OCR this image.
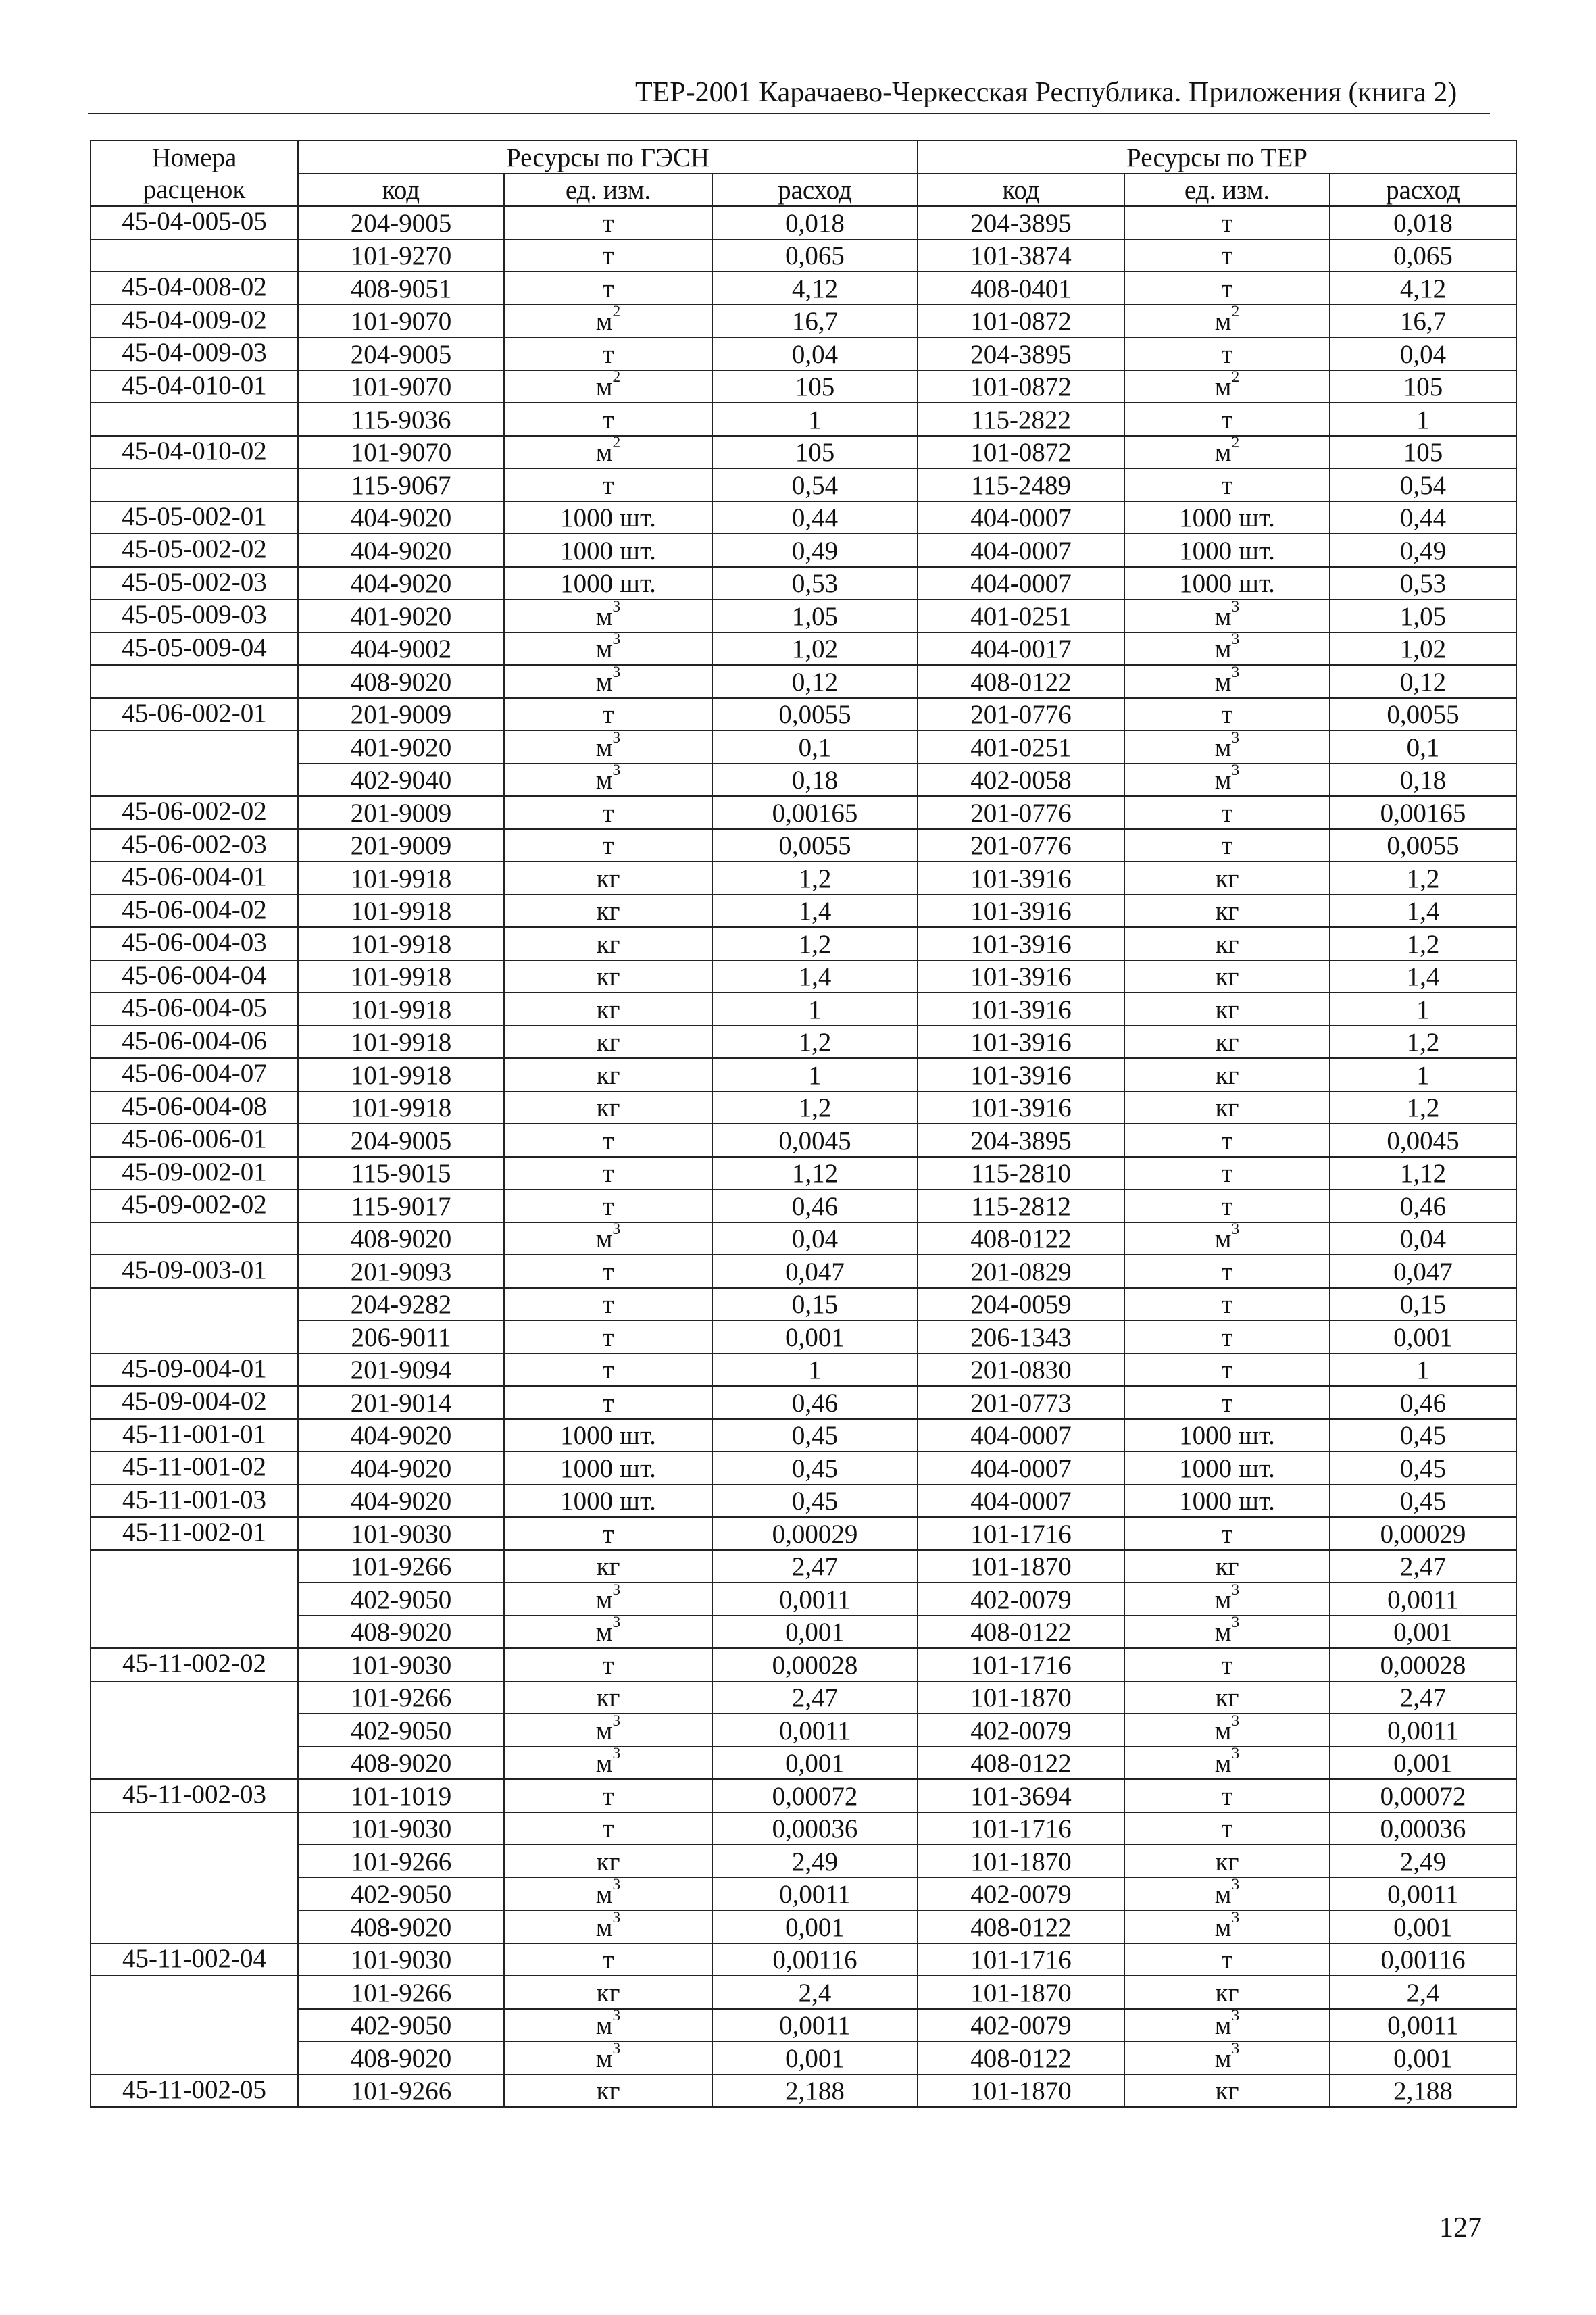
ТЕР-2001 Карачаево-Черкесская Республика. Приложения (книга 2)
Номера расценок	Ресурсы по ГЭСН			Ресурсы по ТЕР		
	код	ед. изм.	расход	код	ед. изм.	расход
45-04-005-05	204-9005	т	0,018	204-3895	т	0,018
	101-9270	т	0,065	101-3874	т	0,065
45-04-008-02	408-9051	т	4,12	408-0401	т	4,12
45-04-009-02	101-9070	$м^2$	16,7	101-0872	$м^2$	16,7
45-04-009-03	204-9005	т	0,04	204-3895	т	0,04
45-04-010-01	101-9070	$м^2$	105	101-0872	$м^2$	105
	115-9036	т	1	115-2822	т	1
45-04-010-02	101-9070	$м^2$	105	101-0872	$м^2$	105
	115-9067	т	0,54	115-2489	т	0,54
45-05-002-01	404-9020	1000 шт.	0,44	404-0007	1000 шт.	0,44
45-05-002-02	404-9020	1000 шт.	0,49	404-0007	1000 шт.	0,49
45-05-002-03	404-9020	1000 шт.	0,53	404-0007	1000 шт.	0,53
45-05-009-03	401-9020	$м^3$	1,05	401-0251	$м^3$	1,05
45-05-009-04	404-9002	$м^3$	1,02	404-0017	$м^3$	1,02
	408-9020	$м^3$	0,12	408-0122	$м^3$	0,12
45-06-002-01	201-9009	т	0,0055	201-0776	т	0,0055
	401-9020	$м^3$	0,1	401-0251	$м^3$	0,1
	402-9040	$м^3$	0,18	402-0058	$м^3$	0,18
45-06-002-02	201-9009	т	0,00165	201-0776	т	0,00165
45-06-002-03	201-9009	т	0,0055	201-0776	т	0,0055
45-06-004-01	101-9918	кг	1,2	101-3916	кг	1,2
45-06-004-02	101-9918	кг	1,4	101-3916	кг	1,4
45-06-004-03	101-9918	кг	1,2	101-3916	кг	1,2
45-06-004-04	101-9918	кг	1,4	101-3916	кг	1,4
45-06-004-05	101-9918	кг	1	101-3916	кг	1
45-06-004-06	101-9918	кг	1,2	101-3916	кг	1,2
45-06-004-07	101-9918	кг	1	101-3916	кг	1
45-06-004-08	101-9918	кг	1,2	101-3916	кг	1,2
45-06-006-01	204-9005	т	0,0045	204-3895	т	0,0045
45-09-002-01	115-9015	т	1,12	115-2810	т	1,12
45-09-002-02	115-9017	т	0,46	115-2812	т	0,46
	408-9020	$м^3$	0,04	408-0122	$м^3$	0,04
45-09-003-01	201-9093	т	0,047	201-0829	т	0,047
	204-9282	т	0,15	204-0059	т	0,15
	206-9011	т	0,001	206-1343	т	0,001
45-09-004-01	201-9094	т	1	201-0830	т	1
45-09-004-02	201-9014	т	0,46	201-0773	т	0,46
45-11-001-01	404-9020	1000 шт.	0,45	404-0007	1000 шт.	0,45
45-11-001-02	404-9020	1000 шт.	0,45	404-0007	1000 шт.	0,45
45-11-001-03	404-9020	1000 шт.	0,45	404-0007	1000 шт.	0,45
45-11-002-01	101-9030	т	0,00029	101-1716	т	0,00029
	101-9266	кг	2,47	101-1870	кг	2,47
	402-9050	$м^3$	0,0011	402-0079	$м^3$	0,0011
	408-9020	$м^3$	0,001	408-0122	$м^3$	0,001
45-11-002-02	101-9030	т	0,00028	101-1716	т	0,00028
	101-9266	кг	2,47	101-1870	кг	2,47
	402-9050	$м^3$	0,0011	402-0079	$м^3$	0,0011
	408-9020	$м^3$	0,001	408-0122	$м^3$	0,001
45-11-002-03	101-1019	т	0,00072	101-3694	т	0,00072
	101-9030	т	0,00036	101-1716	т	0,00036
	101-9266	кг	2,49	101-1870	кг	2,49
	402-9050	$м^3$	0,0011	402-0079	$м^3$	0,0011
	408-9020	$м^3$	0,001	408-0122	$м^3$	0,001
45-11-002-04	101-9030	т	0,00116	101-1716	т	0,00116
	101-9266	кг	2,4	101-1870	кг	2,4
	402-9050	$м^3$	0,0011	402-0079	$м^3$	0,0011
	408-9020	$м^3$	0,001	408-0122	$м^3$	0,001
45-11-002-05	101-9266	кг	2,188	101-1870	кг	2,188
127
